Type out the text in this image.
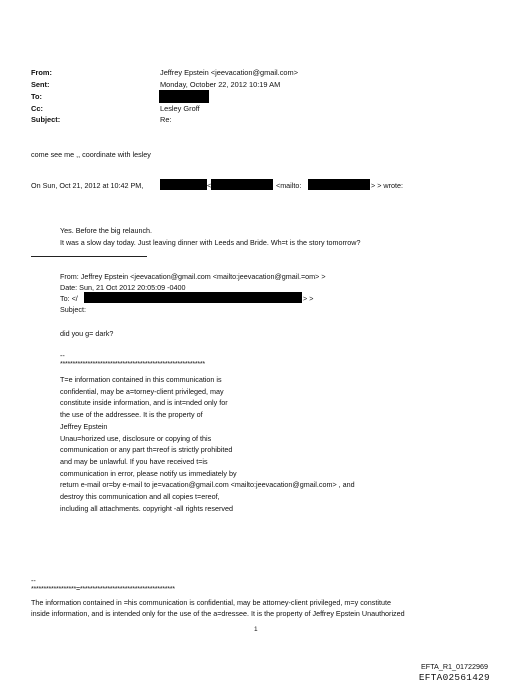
From:	Jeffrey Epstein <jeevacation@gmail.com>
Sent:	Monday, October 22, 2012 10:19 AM
To:
Cc:	Lesley Groff
Subject:	Re:
come see me ,, coordinate with lesley
On Sun, Oct 21, 2012 at 10:42 PM,	<	<mailto:	> > wrote:
Yes. Before the big relaunch.
It was a slow day today. Just leaving dinner with Leeds and Bride. Wh=t is the story tomorrow?
From: Jeffrey Epstein <jeevacation@gmail.com <mailto:jeevacation@gmail.=om> >
Date: Sun, 21 Oct 2012 20:05:09 -0400
To: </	> >
Subject:
did you g= dark?
--
**********************************************************
T=e information contained in this communication is
confidential, may be a=torney-client privileged, may
constitute inside information, and is int=nded only for
the use of the addressee. It is the property of
Jeffrey Epstein
Unau=horized use, disclosure or copying of this
communication or any part th=reof is strictly prohibited
and may be unlawful. If you have received t=is
communication in error, please notify us immediately by
return e-mail or=by e-mail to je=vacation@gmail.com <mailto:jeevacation@gmail.com> , and
destroy this communication and all copies t=ereof,
including all attachments. copyright -all rights reserved
--
******************=**************************************
The information contained in =his communication is confidential, may be attorney-client privileged, m=y constitute
inside information, and is intended only for the use of the a=dressee. It is the property of Jeffrey Epstein Unauthorized
1
EFTA_R1_01722969
EFTA02561429
